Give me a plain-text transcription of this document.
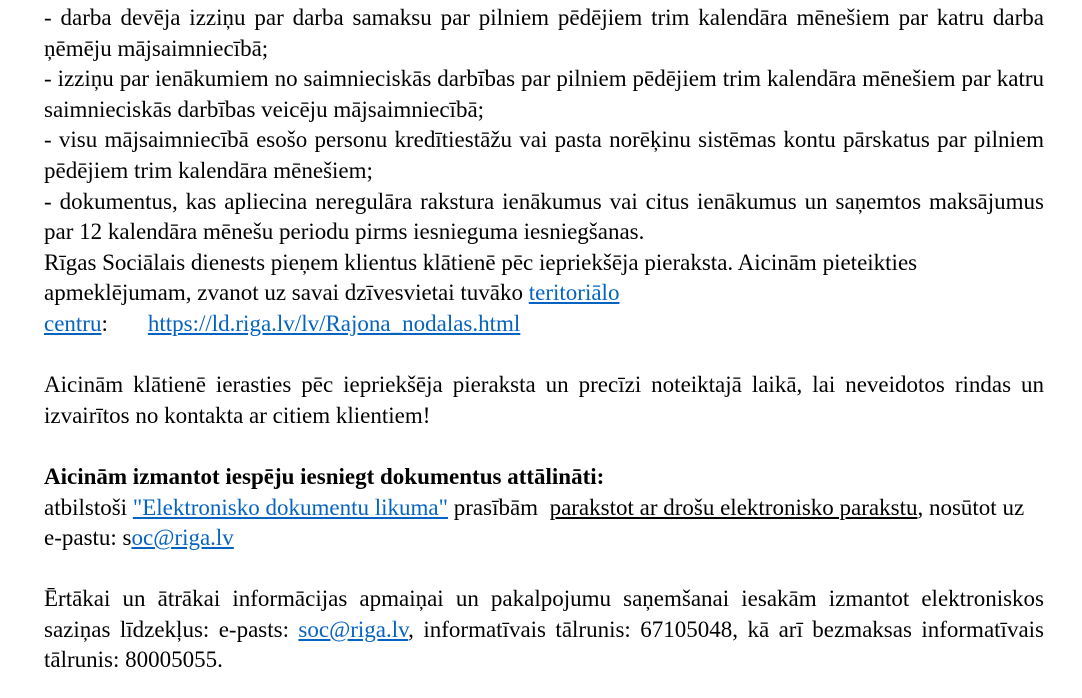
- darba devēja izziņu par darba samaksu par pilniem pēdējiem trim kalendāra mēnešiem par katru darba ņēmēju mājsaimniecībā;

- izziņu par ienākumiem no saimnieciskās darbības par pilniem pēdējiem trim kalendāra mēnešiem par katru saimnieciskās darbības veicēju mājsaimniecībā;

- visu mājsaimniecībā esošo personu kredītiestāžu vai pasta norēķinu sistēmas kontu pārskatus par pilniem pēdējiem trim kalendāra mēnešiem;

- dokumentus, kas apliecina neregulāra rakstura ienākumus vai citus ienākumus un saņemtos maksājumus par 12 kalendāra mēnešu periodu pirms iesnieguma iesniegšanas.

Rīgas Sociālais dienests pieņem klientus klātienē pēc iepriekšēja pieraksta. Aicinām pieteikties apmeklējumam, zvanot uz savai dzīvesvietai tuvāko teritoriālo
centru: https://ld.riga.lv/lv/Rajona_nodalas.html

Aicinām klātienē ierasties pēc iepriekšēja pieraksta un precīzi noteiktajā laikā, lai neveidotos rindas un izvairītos no kontakta ar citiem klientiem!

Aicinām izmantot iespēju iesniegt dokumentus attālināti:

atbilstoši "Elektronisko dokumentu likuma" prasībām  parakstot ar drošu elektronisko parakstu, nosūtot uz e-pastu: soc@riga.lv

Ērtākai un ātrākai informācijas apmaiņai un pakalpojumu saņemšanai iesakām izmantot elektroniskos saziņas līdzekļus: e-pasts: soc@riga.lv, informatīvais tālrunis: 67105048, kā arī bezmaksas informatīvais tālrunis: 80005055.
